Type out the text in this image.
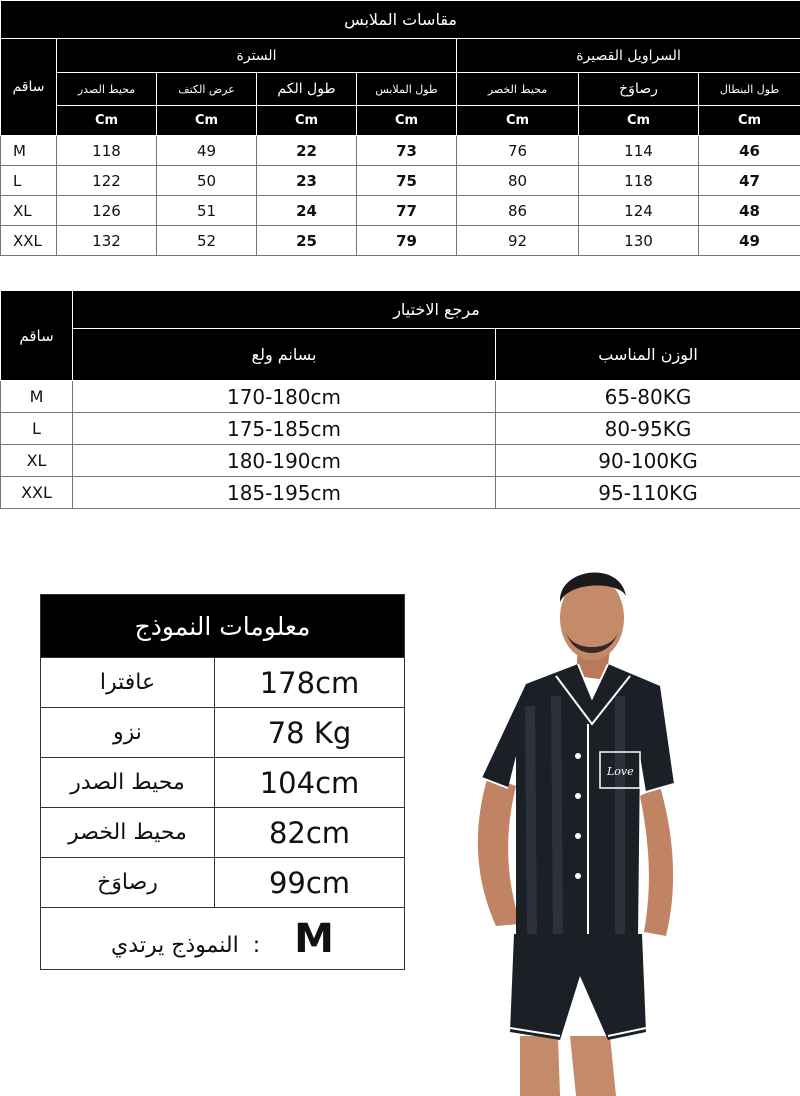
مقاسات الملابس							
ساقم	السترة				السراويل القصيرة		
	محيط الصدر	عرض الكتف	طول الكم	طول الملابس	محيط الخصر	رصاوَخ	طول البنطال
	Cm	Cm	Cm	Cm	Cm	Cm	Cm
M	118	49	22	73	76	114	46
L	122	50	23	75	80	118	47
XL	126	51	24	77	86	124	48
XXL	132	52	25	79	92	130	49
ساقم	مرجع الاختيار	
	بسانم ولع	الوزن المناسب
M	170-180cm	65-80KG
L	175-185cm	80-95KG
XL	180-190cm	90-100KG
XXL	185-195cm	95-110KG
معلومات النموذج	
عافترا	178cm
نزو	78 Kg
محيط الصدر	104cm
محيط الخصر	82cm
رصاوَخ	99cm
النموذج يرتدي : M	
Love
